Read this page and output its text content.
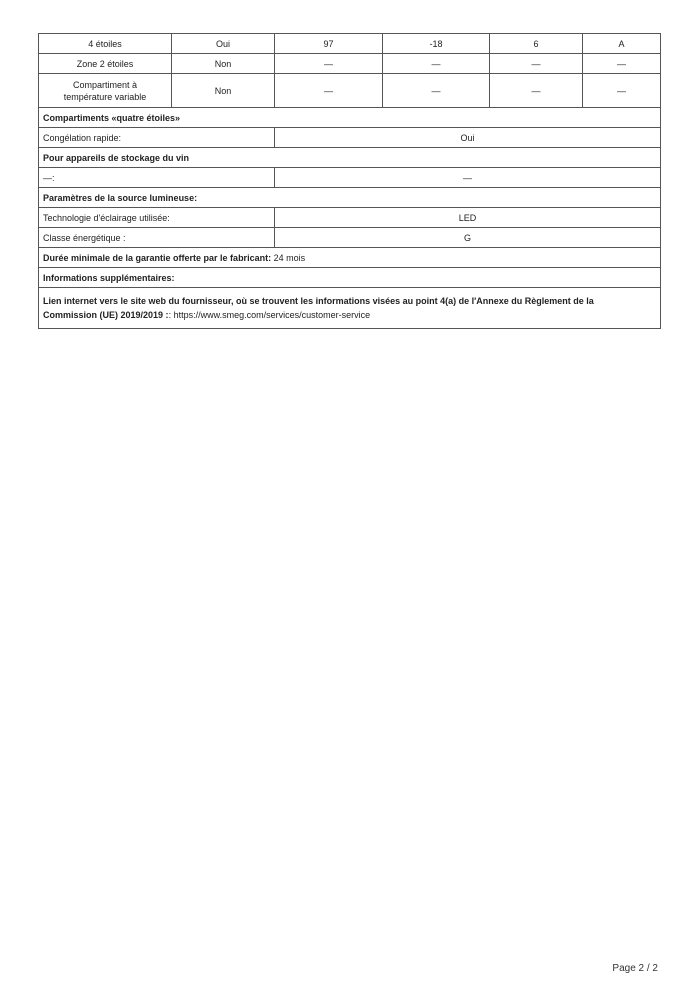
4 étoiles	Oui	97	-18	6	A
Zone 2 étoiles	Non	—	—	—	—
Compartiment à
température variable	Non	—	—	—	—
Compartiments «quatre étoiles»					
Congélation rapide:		Oui			
Pour appareils de stockage du vin					
—:		—			
Paramètres de la source lumineuse:					
Technologie d'éclairage utilisée:		LED			
Classe énergétique :		G			
Durée minimale de la garantie offerte par le fabricant: 24 mois					
Informations supplémentaires:					
Lien internet vers le site web du fournisseur, où se trouvent les informations visées au point 4(a) de l'Annexe du Règlement de la
Commission (UE) 2019/2019 :: https://www.smeg.com/services/customer-service					
Page 2 / 2
